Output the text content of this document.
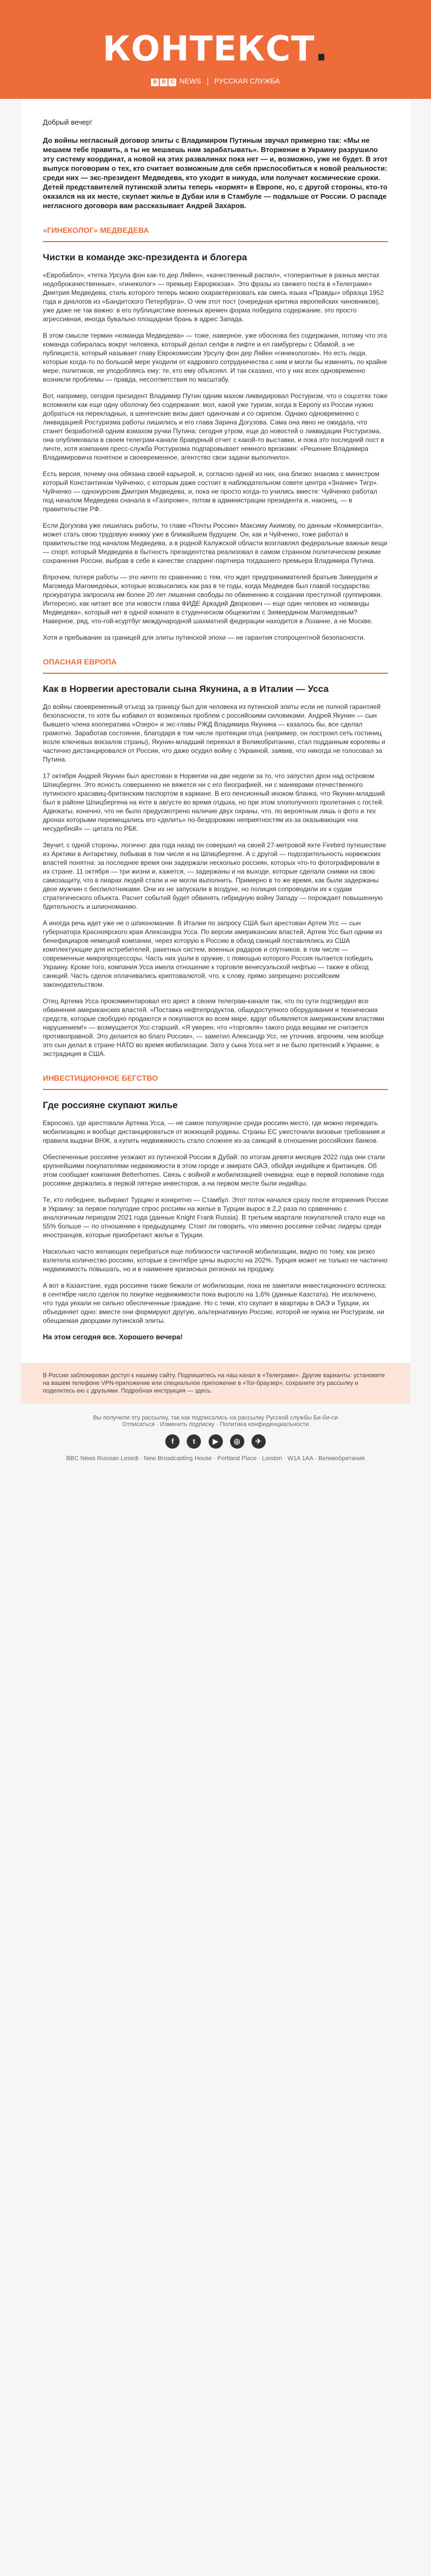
КОНТЕКСТ.
B B C NEWS РУССКАЯ СЛУЖБА

Добрый вечер!

До войны негласный договор элиты с Владимиром Путиным звучал примерно так: «Мы не мешаем тебе править, а ты не мешаешь нам зарабатывать». Вторжение в Украину разрушило эту систему координат, а новой на этих развалинах пока нет — и, возможно, уже не будет. В этот выпуск поговорим о тех, кто считает возможным для себя приспособиться к новой реальности: среди них — экс-президент Медведева, кто уходит в никуда, или получает космические сроки. Детей представителей путинской элиты теперь «кормят» в Европе, но, с другой стороны, кто-то оказался на их месте, скупает жилье в Дубаи или в Стамбуле — подальше от России. О распаде негласного договора вам рассказывает Андрей Захаров.

«ГИНЕКОЛОГ» МЕДВЕДЕВА
Чистки в команде экс-президента и блогера

«Евробабло», «тетка Урсула фон как-то дер Ляйен», «качественный распил», «топерантные в разных местах недоброкачественные», «гинеколог» — премьер Еврорюкзак». Это фразы из свежего поста в «Телеграме» Дмитрия Медведева, стиль которого теперь можно охарактеризовать как смесь языка «Правды» образца 1952 года и диалогов из «Бандитского Петербурга». О чем этот пост (очередная критика европейских чиновников), уже даже не так важно: в его публицистике военных времен форма победила содержание, это просто агрессивная, иногда бувально площадная брань в адрес Запада.

В этом смысле термин «команда Медведева» — тоже, наверное, уже обоснова без содержания, потому что эта команда собиралась вокруг человека, который делал селфи в лифте и ел гамбургеры с Обамой, а не публициста, который называет главу Еврокомиссии Урсулу фон дер Ляйен «гинекологом». Но есть люди, которые когда-то по большой мере уходили от кадрового сотрудничества с ним и могли бы изменить, по крайне мере, политиков, не уподобляясь ему: те, кто ему объяснял. И так сказано, что у них всех одновременно возникли проблемы — правда, несоответствия по масштабу.

Вот, например, сегодня президент Владимир Путин одним махом ликвидировал Ростуризм, что о соцсетях тоже вспомнили как еще одну оболочку без содержания: мол, какой уже туризм, когда в Европу из России нужно добраться на перекладных, а шенгенские визы дают одиночкам и со скрипом. Однако одновременно с ликвидацией Ростуризма работы лишились и его глава Зарина Догузова. Сама она явно не ожидала, что станет безработной одним взмахом ручки Путина: сегодня утром, еще до новостей о ликвидации Ростуризма, она опубликовала в своем телеграм-канале бравурный отчет с какой-то выставки, и пока это последний пост в личте, хотя компания пресс-служба Ростуризма подпаровывает немного врезками: «Решение Владимира Владимировича понятное и своевременное, агентство свои задачи выполнило».

Есть версия, почему она обязана своей карьерой, и, согласно одной из них, она близко знакома с министром который Константином Чуйченко, с которым даже состоит в наблюдательном совете центра «Знание» Тигр». Чуйченко — однокурсник Дмитрия Медведева, и, пока не просто когда-то учились вместе: Чуйченко работал под началом Медведева сначала в «Газпроме», потом в администрации президента и, наконец, — в правительстве РФ.

Если Догузова уже лишилась работы, то главе «Почты России» Максиму Акимову, по данным «Коммерсанта», может стать свою трудовую книжку уже в ближайшем будущем. Он, как и Чуйченко, тоже работал в правительстве под началом Медведева, а в родной Калужской области возглавлял федеральные важные вещи — спорт, который Медведева в бытность президентства реализовал в самом странном политическом режиме сохранения России, выбрав в себе в качестве спарринг-партнера тогдашнего премьера Владимира Путина.

Впрочем, потеря работы — это ничто по сравнению с тем, что ждет предпринимателей братьев Зивердиля и Магомеда Магомедовых, которые возвысились как раз в те годы, когда Медведев был главой государства: прокуратура запросила им более 20 лет лишения свободы по обвинению в создании преступной группировки. Интересно, как читает все эти новости глава ФИДЕ Аркадий Дворкович — еще один человек из «команды Медведева», который нит в одной комнате в студенческом общежитии с Зиявердином Магомедовым? Наверное, ряд, что-гой-ксуртбуг международной шахматной федерации находится в Лозанне, а не Москве.

Хотя и пребывание за границей для элиты путинской эпохи — не гарантия стопроцентной безопасности.

ОПАСНАЯ ЕВРОПА
Как в Норвегии арестовали сына Якунина, а в Италии — Усса

До войны своевременный отъезд за границу был для человека из путинской элиты если не полной гарантией безопасности, то хотя бы избавил от возможных проблем с российскими силовиками. Андрей Якунин — сын бывшего члена кооператива «Озеро» и экс-главы РЖД Владимира Якунина — казалось бы, все сделал грамотно. Заработав состояние, благодаря в том числе протекции отца (например, он построил сеть гостиниц возле ключевых вокзалов страны), Якунин-младший переехал в Великобританию, стал подданным королевы и частично дистанцировался от России, что даже осудил войну с Украиной, заявив, что никогда не голосовал за Путина.

17 октября Андрей Якунин был арестован в Норвегии на две недели за то, что запустил дрон над островом Шпицберген. Это ясность совершенно не вяжется ни с его биографией, ни с маневрами отечественного путинского красавиц-британским паспортом в кармане. В его пенсионный иноком бланка, что Якунин-младший был в районе Шпицбергена на яхте в августе во время отдыха, но при этом злополучного пролетания с гостей. Адвокаты, конечно, что не было предусмотрено наличие двух охраны, что, по вероятным лишь о фото и тех дронах которыми перемещались его «делить» по-бездорожию неприятностям из-за оказывающих «на несудебной» — цитата по РБК.

Звучит, с одной стороны, логично: два года назад он совершил на своей 27-метровой яхте Firebird путешествие из Арктики в Антарктику, побывав в том числе и на Шпицбергене. А с другой — подозрительность норвежских властей понятна: за последнее время они задержали несколько россиян, которых что-то фотографировали в их стране. 11 октября — три жизни и, кажется, — задержаны и на выходе, которые сделали снимки на свою самозащиту, что в пиарах людей стали и не могли выполнить. Примерно в то же время, как были задержаны двое мужчин с беспилотниками. Они их не запускали в воздухе, но полиция сопроводили их к судам стратегического объекта. Расчет событий будет обвинять гибридную войну Западу — порождает повышенную бдительность и шпиономанию.

А иногда речь идет уже не о шпиономании. В Италии по запросу США был арестован Артем Усс — сын губернатора Красноярского края Александра Усса. По версии американских властей, Артем Усс был одним из бенефициаров немецкой компании, через которую в Россию в обход санкций поставлялись из США комплектующие для истребителей, ракетных систем, военных радаров и спутников, в том числе — современные микропроцессоры. Часть них ушли в оружие, с помощью которого Россия пытается победить Украину. Кроме того, компания Усса имела отношение к торговле венесуэльской нефтью — также в обход санкций. Часть сделок оплачивались криптовалютой, что, к слову, прямо запрещено российским законодательством.

Отец Артема Усса прокомментировал его арест в своем телеграм-канале так, что по сути подтвердил все обвинения американских властей. «Поставка нефтепродуктов, общедоступного оборудования и технических средств, которые свободно продаются и покупаются во всем мире, вдруг объявляется американским властями нарушением!» — возмущается Усс-старший. «Я уверен, что «торговля» такого рода вещами не считается противоправной. Это делается во благо России», — заметил Александр Усс, не уточнив, впрочем, чем вообще это сын делал в стране НАТО во время мобилизации. Зато у сына Усса нет и не было претензий к Украине, а экстрадиция в США.

ИНВЕСТИЦИОННОЕ БЕГСТВО
Где россияне скупают жилье

Евросоюз, где арестовали Артема Усса, — не самое популярное среди россиян место, где можно переждать мобилизацию и вообще дистанцироваться от воюющей родины. Страны ЕС ужесточили визовые требования и правила выдачи ВНЖ, а купить недвижимость стало сложнее из-за санкций в отношении российских банков.

Обеспеченные россияне уезжают из путинской России в Дубай: по итогам девяти месяцев 2022 года они стали крупнейшими покупателями недвижимости в этом городе и эмирате ОАЭ, обойдя индийцев и британцев. Об этом сообщает компания Betterhomes. Связь с войной и мобилизацией очевидна: еще в первой половине года россияне держались в первой пятерке инвесторов, а на первом месте были индийцы.

Те, кто победнее, выбирают Турцию и конкретно — Стамбул. Этот поток начался сразу после вторжения России в Украину: за первое полугодие спрос россиян на жилье в Турции вырос в 2,2 раза по сравнению с аналогичным периодом 2021 года (данные Knight Frank Russia). В третьем квартале покупателей стало еще на 55% больше — по отношению к предыдущему. Стоит ли говорить, что именно россияне сейчас лидеры среди иностранцев, которые приобретают жилье в Турции.

Насколько часто желающих перебраться еще поблизости частичной мобилизации, видно по тому, как резко взлетела количество россиян, которые в сентябре цены выросло на 202%. Турция может не только не частично недвижимость повышать, но и в наименее кризисных регионах на продажу.

А вот в Казахстане, куда россияне также бежали от мобилизации, пока не заметили инвестиционного всплеска: в сентябре число сделок по покупке недвижимости пока выросло на 1,6% (данные Казстата). Не исключено, что туда уехали не сильно обеспеченные граждане. Но с теми, кто скупает в квартиры в ОАЭ и Турции, их объединяет одно: вместе они формируют другую, альтернативную Россию, которой не нужна ни Ростуризм, ни обещаемая дворцами путинской элиты.

На этом сегодня все. Хорошего вечера!

В России заблокирован доступ к нашему сайту. Подпишитесь на наш канал в «Телеграме». Другие варианты: установите на вашем телефоне VPN-приложение или специальное приложение в «Tor-браузер», сохраните эту рассылку и поделитесь ею с друзьями. Подробная инструкция — здесь.

Вы получили эту рассылку, так как подписались на рассылку Русской службы Би-би-си

Отписаться · Изменить подписку · Политика конфиденциальности

f	t ▶ ◎ ✈

BBC News Russian Lesedi · New Broadcasting House · Portland Place · London · W1A 1AA · Великобритания
